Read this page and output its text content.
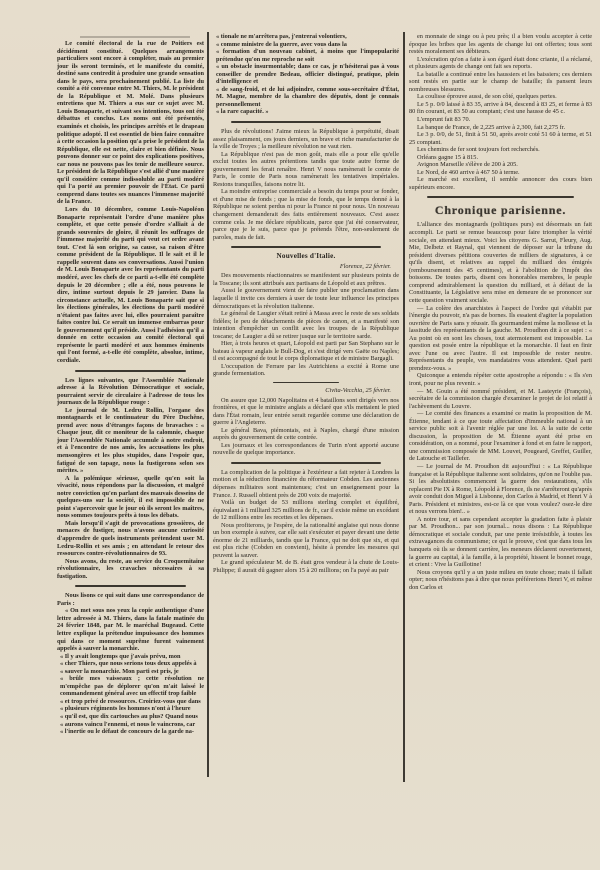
Le comité électoral de la rue de Poitiers est décidément constitué. Quelques arrangements particuliers sont encore à compléter, mais au premier jour ils seront terminés, et le manifeste du comité, destiné sans contredit à produire une grande sensation dans le pays, sera prochainement publié. La liste du comité a été convenue entre M. Thiers, M. le président de la République et M. Molé. Dans plusieurs entretiens que M. Thiers a eus sur ce sujet avec M. Louis Bonaparte, et suivant ses intentions, tous ont été débattus et conclus. Les noms ont été présentés, examinés et choisis, les principes arrêtés et le drapeau politique adopté. Il est essentiel de bien faire connaître à cette occasion la position qu'a prise le président de la République, elle est nette, claire et bien définie. Nous pouvons donner sur ce point des explications positives, car nous ne pouvons pas les tenir de meilleure source. Le président de la République s'est allié d'une manière qu'il considère comme indissoluble au parti modéré qui l'a porté au premier pouvoir de l'État. Ce parti comprend dans toutes ses nuances l'immense majorité de la France.

Lors du 10 décembre, comme Louis-Napoléon Bonaparte représentait l'ordre d'une manière plus complète, et que cette pensée d'ordre s'alliait à de grands souvenirs de gloire, il réunit les suffrages de l'immense majorité du parti qui veut cet ordre avant tout. C'est là son origine, sa cause, sa raison d'être comme président de la République. Il le sait et il le rappelle souvent dans ses conversations. Aussi l'union de M. Louis Bonaparte avec les représentants du parti modéré, avec les chefs de ce parti a-t-elle été complète depuis le 20 décembre ; elle a été, nous pouvons le dire, intime surtout depuis le 29 janvier. Dans la circonstance actuelle, M. Louis Bonaparte sait que si les élections générales, les élections du parti modéré n'étaient pas faites avec lui, elles pourraient paraître faites contre lui. Ce serait un immense embarras pour le gouvernement qu'il préside. Aussi l'adhésion qu'il a donnée en cette occasion au comité électoral qui représente le parti modéré et aux hommes éminents qui l'ont formé, a-t-elle été complète, absolue, intime, cordiale.

Les lignes suivantes, que l'Assemblée Nationale adresse à la Révolution Démocratique et sociale, pourraient servir de circulaire à l'adresse de tous les journaux de la République rouge :

Le journal de M. Ledru Rollin, l'organe des montagnards et le continuateur du Père Duchêne, prend avec nous d'étranges façons de bravaches : « Chaque jour, dit ce moniteur de la calomnie, chaque jour l'Assemblée Nationale accumule à notre endroit, et à l'encontre de nos amis, les accusations les plus mensongères et les plus stupides, dans l'espoir que, fatigué de son tapage, nous la fustigerons selon ses mérites. »

A la polémique sérieuse, quelle qu'en soit la vivacité, nous répondons par la discussion, et malgré notre conviction qu'en parlant des mauvais desseins de quelques-uns sur la société, il est impossible de ne point s'apercevoir que le jour où ils seront les maîtres, nous sommes toujours prêts à tous les débats.

Mais lorsqu'il s'agit de provocations grossières, de menaces de fustiger, nous n'avons aucune curiosité d'apprendre de quels instruments prétendent user M. Ledru-Rollin et ses amis ; en attendant le retour des ressources contre-révolutionnaires de 93.

Nous avons, du reste, au service du Croquemitaine révolutionnaire, les cravaches nécessaires à sa fustigation.

Nous lisons ce qui suit dans une correspondance de Paris :

« On met sous nos yeux la copie authentique d'une lettre adressée à M. Thiers, dans la fatale matinée du 24 février 1848, par M. le maréchal Bugeaud. Cette lettre explique la prétendue impuissance des hommes qui dans ce moment suprême furent vainement appelés à sauver la monarchie.

« Il y avait longtemps que j'avais prévu, mon

« cher Thiers, que nous serions tous deux appelés à

« sauver la monarchie. Mon parti est pris, je

« brûle mes vaisseaux ; cette résolution ne m'empêche pas de déplorer qu'on m'ait laissé le commandement général avec un effectif trop faible

« et trop privé de ressources. Croiriez-vous que dans

« plusieurs régiments les hommes n'ont à l'heure

« qu'il est, que dix cartouches au plus? Quand nous

« aurons vaincu l'ennemi, et nous le vaincrons, car

« l'inertie ou le défaut de concours de la garde na-

« tionale ne m'arrêtera pas, j'entrerai volontiers,

« comme ministre de la guerre, avec vous dans la

« formation d'un nouveau cabinet, à moins que l'impopularité prétendue qu'on me reproche ne soit

« un obstacle insurmontable; dans ce cas, je n'hésiterai pas à vous conseiller de prendre Bedeau, officier distingué, pratique, plein d'intelligence et

« de sang-froid, et de lui adjoindre, comme sous-secrétaire d'État, M. Magne, membre de la chambre des députés, dont je connais personnellement

« la rare capacité. »

Plus de révolutions! J'aime mieux la République à perpétuité, disait assez plaisamment, ces jours derniers, un brave et riche manufacturier de la ville de Troyes ; la meilleure révolution ne vaut rien.

La République n'est pas de mon goût, mais elle a pour elle qu'elle exclut toutes les autres prétentions tandis que toute autre forme de gouvernement les ferait renaître. Henri V nous ramènerait le comte de Paris, le comte de Paris nous ramènerait les tentatives impériales. Restons tranquilles, faisons notre lit.

La moindre entreprise commerciale a besoin du temps pour se fonder, et d'une mise de fonds ; que la mise de fonds, que le temps donné à la République ne soient perdus ni pour la France ni pour nous. Un nouveau changement demanderait des faits entièrement nouveaux. C'est assez comme cela. Je me déclare républicain, parce que j'ai été conservateur, parce que je le suis, parce que je prétends l'être, non-seulement de paroles, mais de fait.

Nouvelles d'Italie.
Florence, 22 février.

Des mouvements réactionnaires se manifestent sur plusieurs points de la Toscane; ils sont attribués aux partisans de Léopold et aux prêtres.

Aussi le gouvernement vient de faire publier une proclamation dans laquelle il invite ces derniers à user de toute leur influence les principes démocratiques et la révolution italienne.

Le général de Laugier s'était retiré à Massa avec le reste de ses soldats fidèles; le peu de détachements de pièces de canon, et a manifesté son intention d'empêcher un conflit avec les troupes de la République toscane; de Laugier a dû se retirer jusque sur le territoire sarde.

Hier, à trois heures et quart, Léopold est parti par San Stephano sur le bateau à vapeur anglais le Bull-Dog, et s'est dirigé vers Gaëte ou Naples; il est accompagné de tout le corps diplomatique et de ministre Bargagli.

L'occupation de Ferrare par les Autrichiens a excité à Rome une grande fermentation.

Civita-Vecchia, 25 février.

On assure que 12,000 Napolitains et 4 bataillons sont dirigés vers nos frontières, et que le ministre anglais a déclaré que s'ils mettaient le pied dans l'État romain, leur entrée serait regardée comme une déclaration de guerre à l'Angleterre.

Le général Bava, piémontais, est à Naples, chargé d'une mission auprès du gouvernement de cette contrée.

Les journaux et les correspondances de Turin n'ont apporté aucune nouvelle de quelque importance.

La complication de la politique à l'extérieur a fait rejeter à Londres la motion et la réduction financière du réformateur Cobden. Les anciennes dépenses militaires sont maintenues; c'est un enseignement pour la France. J. Russell obtient près de 200 voix de majorité.

Voilà un budget de 53 millions sterling complet et équilibré, équivalant à 1 milliard 325 millions de fr., car il existe même un excédant de 12 millions entre les recettes et les dépenses.

Nous profiterons, je l'espère, de la rationalité anglaise qui nous donne un bon exemple à suivre, car elle sait s'exécuter et payer devant une dette énorme de 21 milliards, tandis que la France, qui ne doit que six, et qui est plus riche (Cobden en convient), hésite à prendre les mesures qui peuvent la sauver.

Le grand spéculateur M. de B. était gros vendeur à la chute de Louis-Philippe; il aurait dû gagner alors 15 à 20 millions; on l'a payé au pair

en monnaie de singe ou à peu près; il a bien voulu accepter à cette époque les bribes que les agents de change lui ont offertes; tous sont restés moralement ses débiteurs.

L'exécration qu'on a faite à son égard était donc criante, il a réclamé, et plusieurs agents de change ont fait ses reports.

La bataille a continué entre les haussiers et les baissiers; ces derniers sont restés en partie sur le champ de bataille; ils pansent leurs nombreuses blessures.

La coulisse éprouve aussi, de son côté, quelques pertes.

Le 5 p. 0/0 laissé à 83 35, arrive à 84, descend à 83 25, et ferme à 83 80 fin courant, et 83 50 au comptant; c'est une hausse de 45 c.

L'emprunt fait 83 70.

La banque de France, de 2,225 arrive à 2,300, fait 2,275 fr.

Le 3 p. 0/0, de 51, finit à 51 50, après avoir coté 51 60 à terme, et 51 25 comptant.

Les chemins de fer sont toujours fort recherchés.

Orléans gagne 15 à 815.

Avignon Marseille s'élève de 200 à 205.

Le Nord, de 460 arrive à 467 50 à terme.

Le marché est excellent, il semble annoncer des cours bien supérieurs encore.

Chronique parisienne.

L'alliance des montagnards (politiques purs) est désormais un fait accompli. Le parti se remue beaucoup pour faire triompher la vérité sociale, en attendant mieux. Voici les citoyens G. Sarrut, Fleury, Aug. Mie, Delbetz et Raynal, qui viennent de déposer sur la tribune du président diverses pétitions couvertes de milliers de signatures, à ce qu'ils disent, et relatives au rappel du milliard des émigrés (remboursement des 45 centimes), et à l'abolition de l'impôt des boissons. De toutes parts, disent ces honorables membres, le peuple comprend admirablement la question du milliard, et à défaut de la Constituante, la Législative sera mise en demeure de se prononcer sur cette question vraiment sociale.

— La colère des anarchistes à l'aspect de l'ordre qui s'établit par l'énergie du pouvoir, n'a pas de bornes. Ils essaient d'agiter la population ouvrière de Paris sans y réussir. Ils gourmandent même la mollesse et la lassitude des représentants de la gauche. M. Proudhon dit à ce sujet : « Au point où en sont les choses, tout atermoiement est impossible. La question est posée entre la république et la monarchie. Il faut en finir avec l'une ou avec l'autre. Il est impossible de rester neutre. Représentants du peuple, vos mandataires vous attendent. Quel parti prendrez-vous. »

Quiconque a entendu répéter cette apostrophe a répondu : « Ils s'en iront, pour ne plus revenir. »

— M. Gouin a été nommé président, et M. Lasteyrie (François), secrétaire de la commission chargée d'examiner le projet de loi relatif à l'achèvement du Louvre.

— Le comité des finances a examiné ce matin la proposition de M. Étienne, tendant à ce que toute affectation d'immeuble national à un service public soit à l'avenir réglée par une loi. A la suite de cette discussion, la proposition de M. Étienne ayant été prise en considération, on a nommé, pour l'examiner à fond et en faire le rapport, une commission composée de MM. Louvet, Pougeard, Greffet, Guiller, de Latouche et Taillefer.

— Le journal de M. Proudhon dit aujourd'hui : « La République française et la République italienne sont solidaires, qu'on ne l'oublie pas. Si les absolutistes commencent la guerre des restaurations, s'ils replacent Pie IX à Rome, Léopold à Florence, ils ne s'arrêteront qu'après avoir conduit don Miguel à Lisbonne, don Carlos à Madrid, et Henri V à Paris. Président et ministres, est-ce là ce que vous voulez? osez-le dire et nous verrons bien!.. »

A notre tour, et sans cependant accepter la gradation faite à plaisir par M. Proudhon... par son journal... nous disons : La République démocratique et sociale conduit, par une pente irrésistible, à toutes les extravagances du communisme; ce qui le prouve, c'est que dans tous les banquets où ils se donnent carrière, les meneurs déclarent ouvertement, la guerre au capital, à la famille, à la propriété, hissent le bonnet rouge, et crient : Vive la Guillotine!

Nous croyons qu'il y a un juste milieu en toute chose; mais il fallait opter; nous n'hésitons pas à dire que nous préférerions Henri V, et même don Carlos et
